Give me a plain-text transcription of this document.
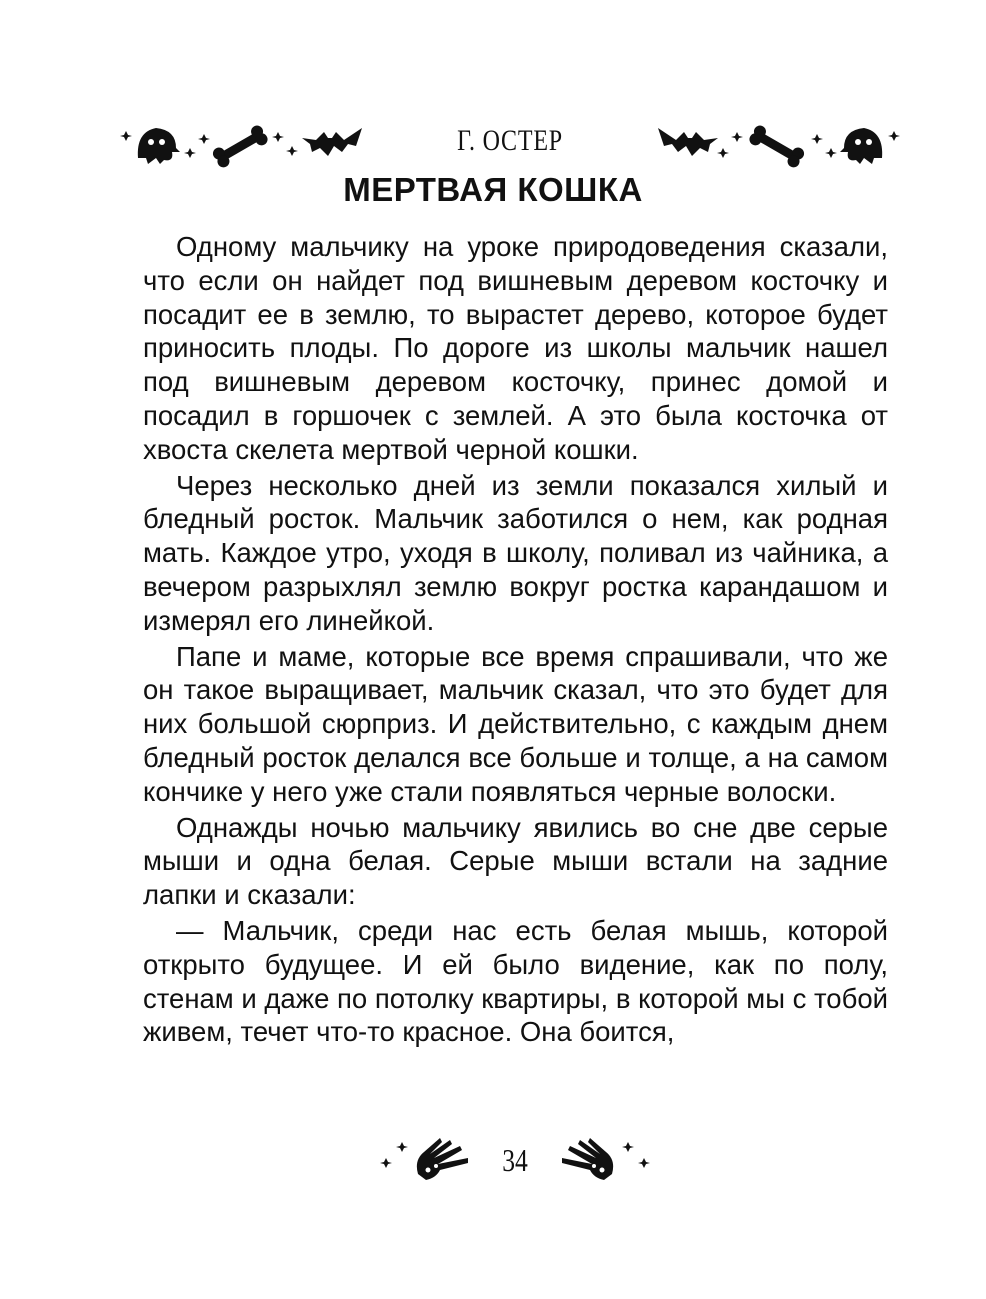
Г. ОСТЕР
МЕРТВАЯ КОШКА

Одному мальчику на уроке природоведения сказали, что если он найдет под вишневым деревом косточку и посадит ее в землю, то вырастет дерево, которое будет приносить плоды. По дороге из школы мальчик нашел под вишневым деревом косточку, принес домой и посадил в горшочек с землей. А это была косточка от хвоста скелета мертвой черной кошки.

Через несколько дней из земли показался хилый и бледный росток. Мальчик заботился о нем, как родная мать. Каждое утро, уходя в школу, поливал из чайника, а вечером разрыхлял землю вокруг ростка карандашом и измерял его линейкой.

Папе и маме, которые все время спрашивали, что же он такое выращивает, мальчик сказал, что это будет для них большой сюрприз. И действительно, с каждым днем бледный росток делался все больше и толще, а на самом кончике у него уже стали появляться черные волоски.

Однажды ночью мальчику явились во сне две серые мыши и одна белая. Серые мыши встали на задние лапки и сказали:

— Мальчик, среди нас есть белая мышь, которой открыто будущее. И ей было видение, как по полу, стенам и даже по потолку квартиры, в которой мы с тобой живем, течет что-то красное. Она боится,

34
